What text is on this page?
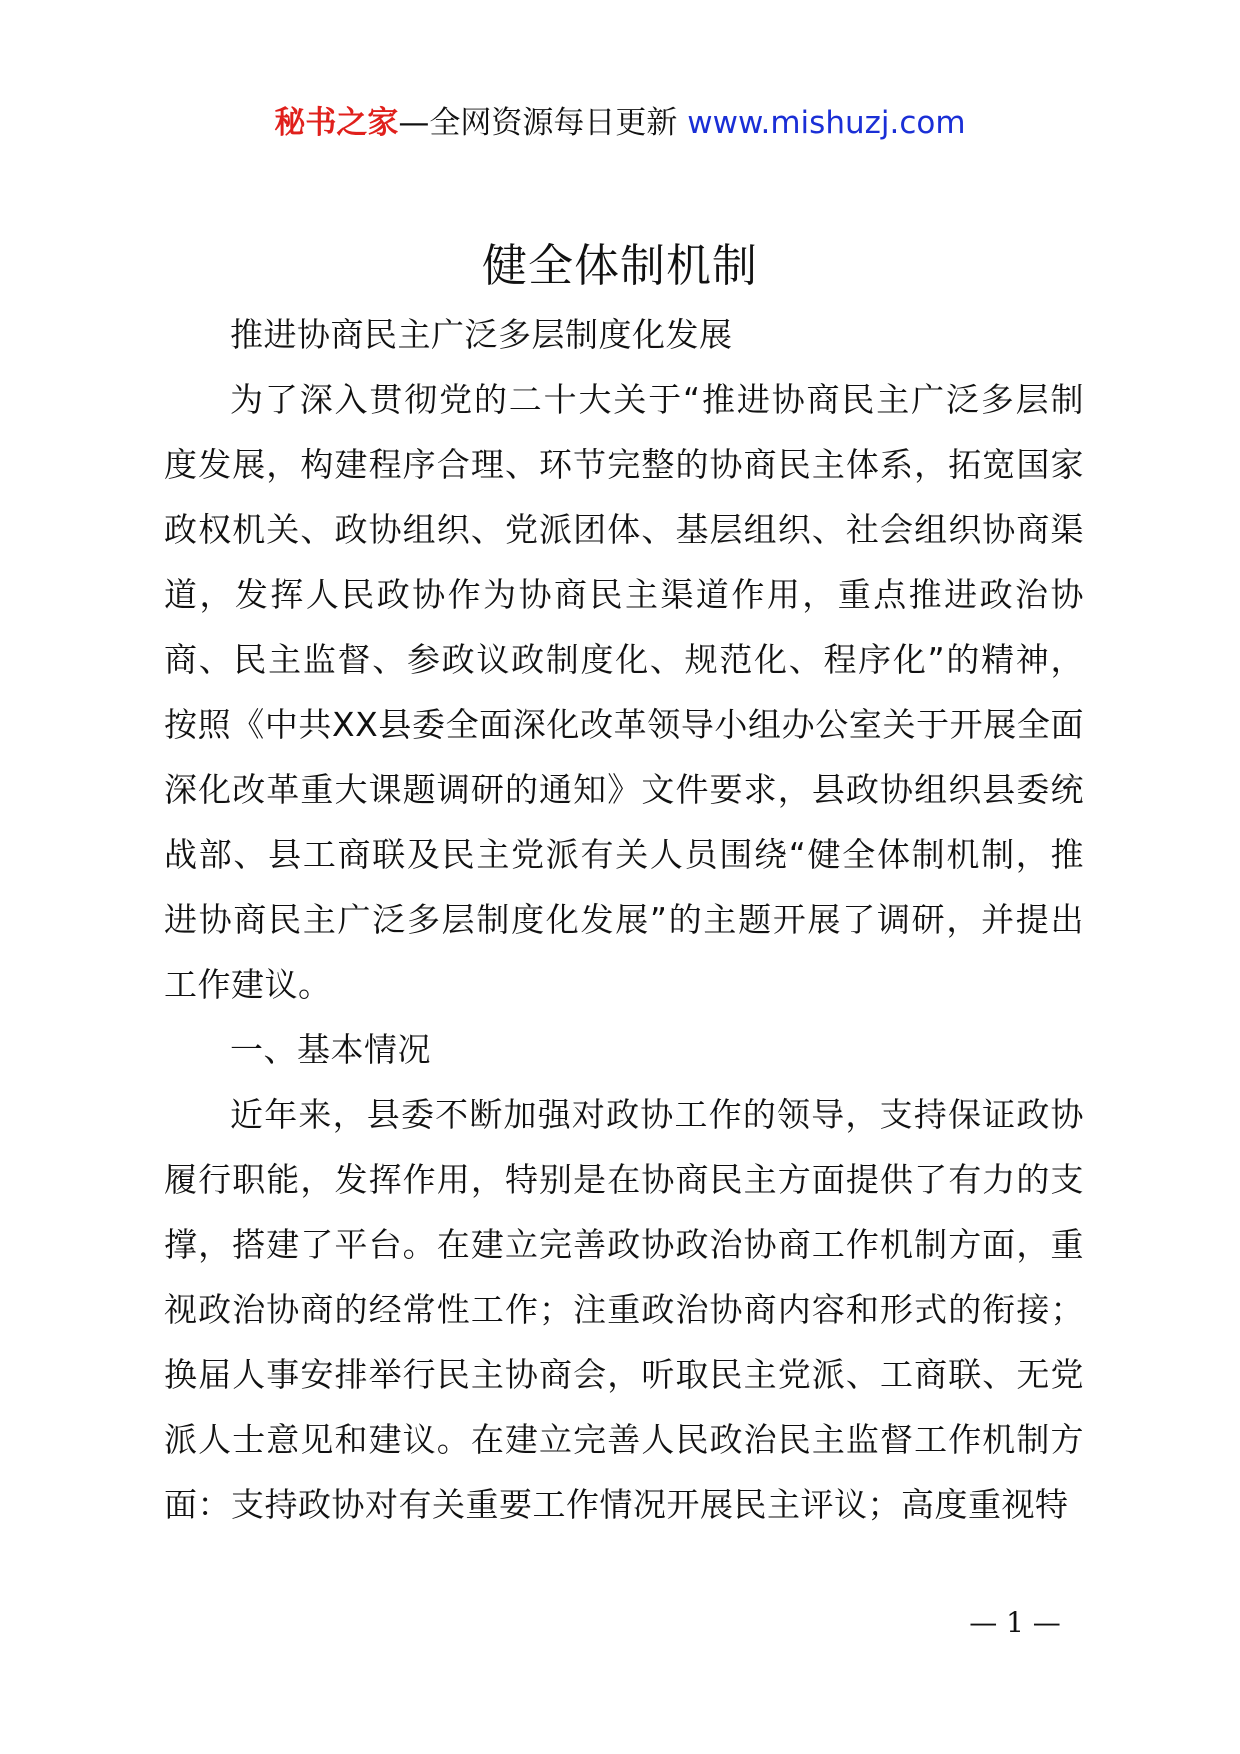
秘书之家—全网资源每日更新 www.mishuzj.com
健全体制机制

推进协商民主广泛多层制度化发展

为了深入贯彻党的二十大关于“推进协商民主广泛多层制度发展，构建程序合理、环节完整的协商民主体系，拓宽国家政权机关、政协组织、党派团体、基层组织、社会组织协商渠道，发挥人民政协作为协商民主渠道作用，重点推进政治协商、民主监督、参政议政制度化、规范化、程序化”的精神，按照《中共XX县委全面深化改革领导小组办公室关于开展全面深化改革重大课题调研的通知》文件要求，县政协组织县委统战部、县工商联及民主党派有关人员围绕“健全体制机制，推进协商民主广泛多层制度化发展”的主题开展了调研，并提出工作建议。

一、基本情况

近年来，县委不断加强对政协工作的领导，支持保证政协履行职能，发挥作用，特别是在协商民主方面提供了有力的支撑，搭建了平台。在建立完善政协政治协商工作机制方面，重视政治协商的经常性工作；注重政治协商内容和形式的衔接；换届人事安排举行民主协商会，听取民主党派、工商联、无党派人士意见和建议。在建立完善人民政治民主监督工作机制方面：支持政协对有关重要工作情况开展民主评议；高度重视特

— 1 —
